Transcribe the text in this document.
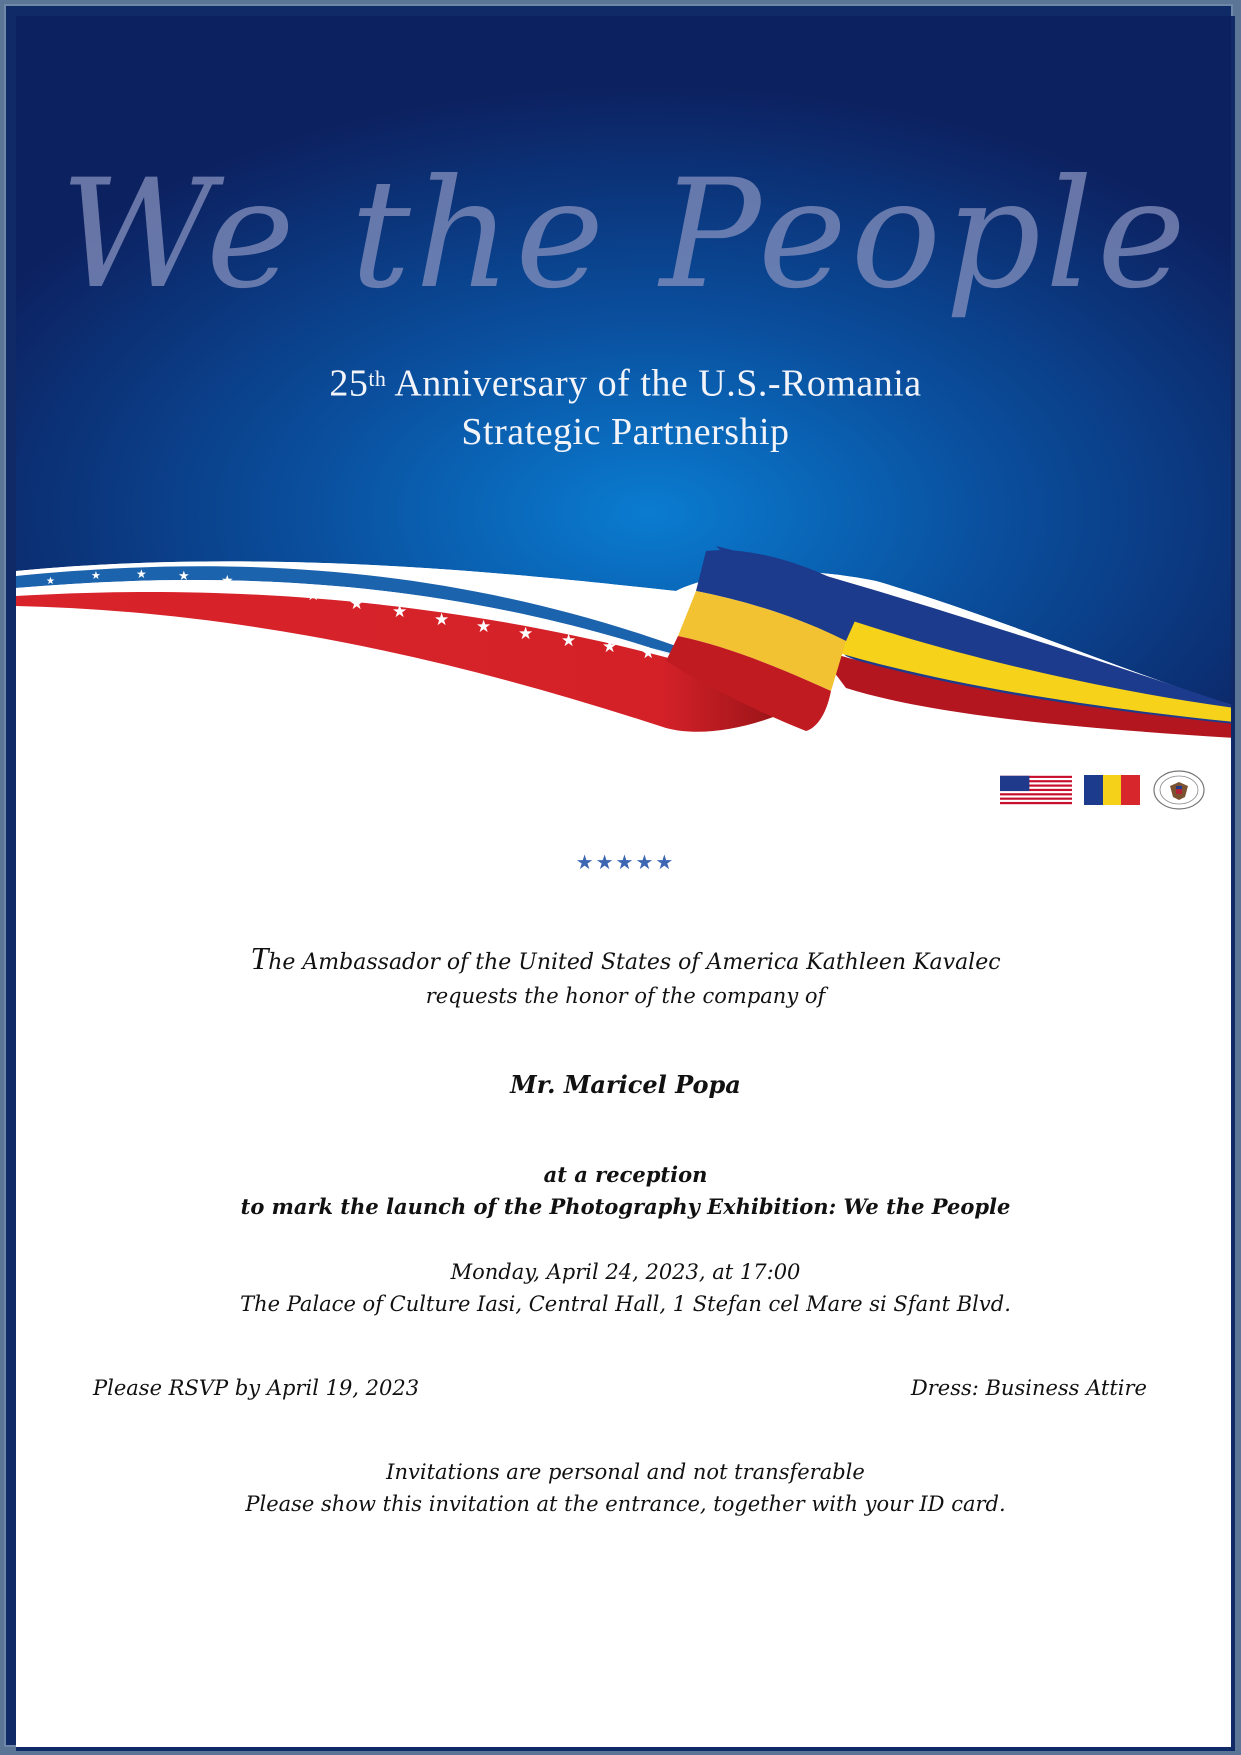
We the People
★	★	★ ★ ★ ★ ★ ★ ★ ★ ★ ★ ★ ★ ★
25th Anniversary of the U.S.-Romania
Strategic Partnership
★★★★★
The Ambassador of the United States of America Kathleen Kavalec
requests the honor of the company of
Mr. Maricel Popa
at a reception
to mark the launch of the Photography Exhibition: We the People
Monday, April 24, 2023, at 17:00
The Palace of Culture Iasi, Central Hall, 1 Stefan cel Mare si Sfant Blvd.
Please RSVP by April 19, 2023	Dress: Business Attire
Invitations are personal and not transferable
Please show this invitation at the entrance, together with your ID card.
